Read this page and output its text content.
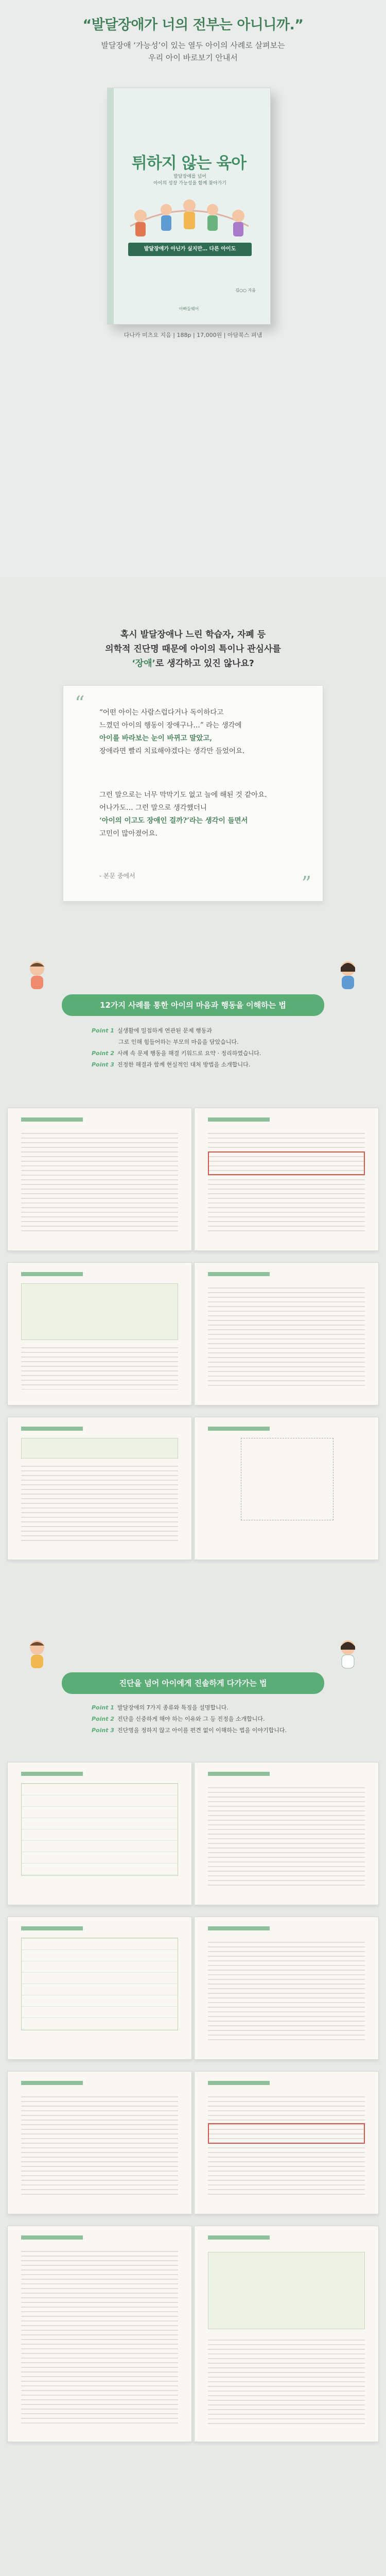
“발달장애가 너의 전부는 아니니까.”
발달장애 ‘가능성’이 있는 열두 아이의 사례로 살펴보는
우리 아이 바로보기 안내서
튀하지 않는 육아
발달장애를 넘어
아이의 성장 가능성을 함께 찾아가기
발달장애가 아닌가 싶지만… 다른 아이도
김○○ 지음
아빠들웨어
다나카 미츠요 지음 | 188p | 17,000원 | 아담북스 펴냄
혹시 발달장애나 느린 학습자, 자폐 등
의학적 진단명 때문에 아이의 특이나 관심사를
‘장애’로 생각하고 있진 않나요?
“ “어떤 아이는 사람스럽다거나 독이하다고
느꼈던 아이의 행동이 장애구나…” 라는 생각에
아이를 바라보는 눈이 바뀌고 말았고,
장애라면 빨리 치료해야겠다는 생각만 들었어요.
그런 말으로는 너무 막막기도 없고 늘에 해된 것 같아요.
어나가도… 그런 말으로 생각했더니
‘아이의 이고도 장애인 걸까?’라는 생각이 들면서
고민이 많아졌어요.
- 본문 중에서	”
12가지 사례를 통한 아이의 마음과 행동을 이해하는 법
Point 1 실생활에 밀접하게 연관된 문제 행동과
그로 인해 힘들어하는 부모의 마음을 담았습니다.
Point 2 사례 속 문제 행동을 해결 키워드로 요약 · 정리하였습니다.
Point 3 진정한 해결과 함께 현실적인 대처 방법을 소개합니다.
진단을 넘어 아이에게 진솔하게 다가가는 법
Point 1 발달장애의 7가지 종류와 특징을 설명합니다.
Point 2 진단을 신중하게 해야 하는 이유와 그 등 진정을 소개합니다.
Point 3 진단명을 정하지 않고 아이를 편견 없이 이해하는 법을 이야기합니다.
